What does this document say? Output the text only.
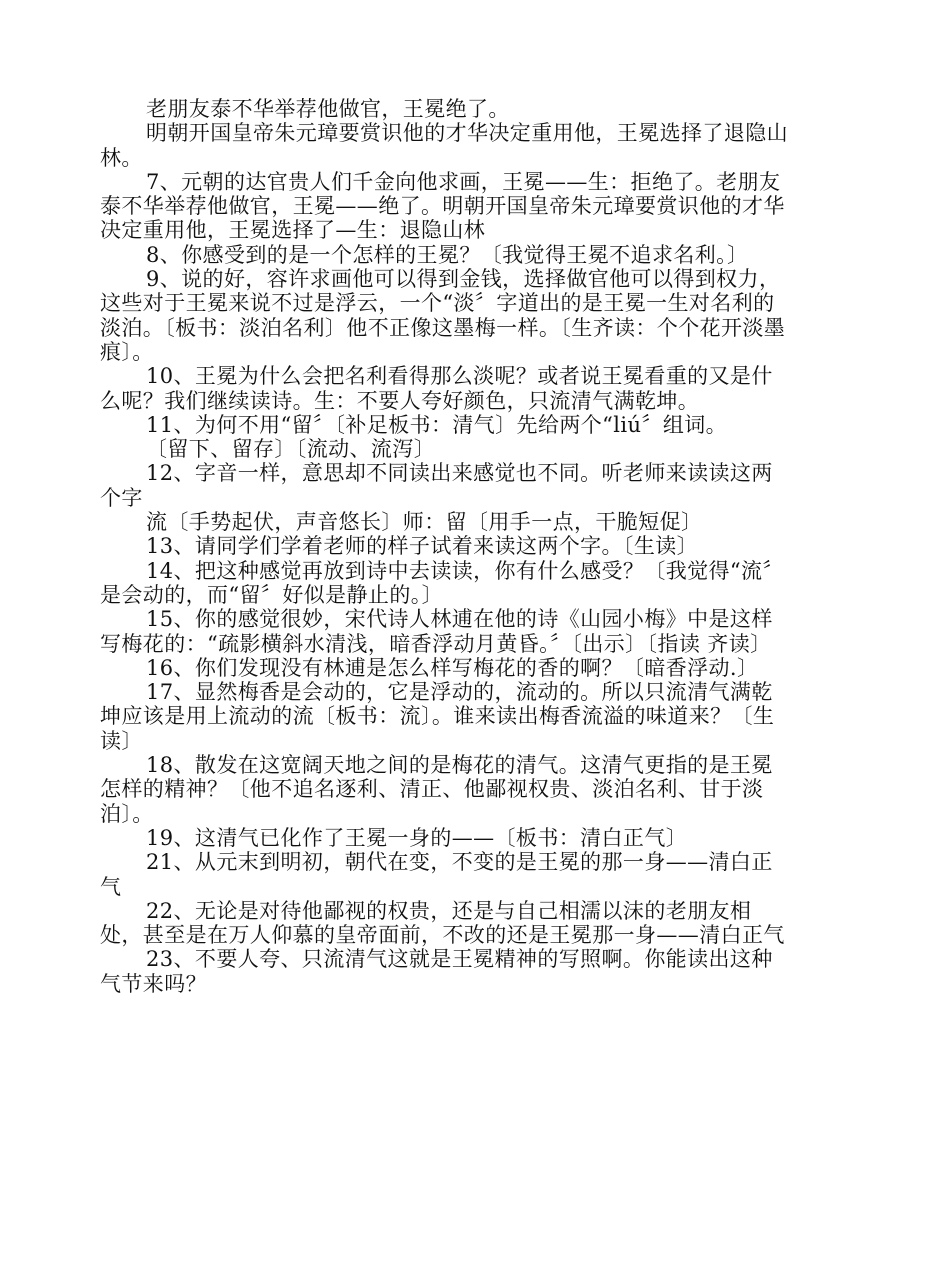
老朋友泰不华举荐他做官，王冕绝了。

明朝开国皇帝朱元璋要赏识他的才华决定重用他，王冕选择了退隐山林。

7、元朝的达官贵人们千金向他求画，王冕——生：拒绝了。老朋友泰不华举荐他做官，王冕——绝了。明朝开国皇帝朱元璋要赏识他的才华决定重用他，王冕选择了—生：退隐山林

8、你感受到的是一个怎样的王冕？〔我觉得王冕不追求名利。〕

9、说的好，容许求画他可以得到金钱，选择做官他可以得到权力，这些对于王冕来说不过是浮云，一个“淡〞字道出的是王冕一生对名利的淡泊。〔板书：淡泊名利〕他不正像这墨梅一样。〔生齐读：个个花开淡墨痕〕。

10、王冕为什么会把名利看得那么淡呢？或者说王冕看重的又是什么呢？我们继续读诗。生：不要人夸好颜色，只流清气满乾坤。

11、为何不用“留〞〔补足板书：清气〕先给两个“liú〞组词。

〔留下、留存〕〔流动、流泻〕

12、字音一样，意思却不同读出来感觉也不同。听老师来读读这两个字

流〔手势起伏，声音悠长〕师：留〔用手一点，干脆短促〕

13、请同学们学着老师的样子试着来读这两个字。〔生读〕

14、把这种感觉再放到诗中去读读，你有什么感受？〔我觉得“流〞是会动的，而“留〞好似是静止的。〕

15、你的感觉很妙，宋代诗人林逋在他的诗《山园小梅》中是这样写梅花的：“疏影横斜水清浅，暗香浮动月黄昏。〞〔出示〕〔指读 齐读〕

16、你们发现没有林逋是怎么样写梅花的香的啊？〔暗香浮动.〕

17、显然梅香是会动的，它是浮动的，流动的。所以只流清气满乾坤应该是用上流动的流〔板书：流〕。谁来读出梅香流溢的味道来？〔生读〕

18、散发在这宽阔天地之间的是梅花的清气。这清气更指的是王冕怎样的精神？〔他不追名逐利、清正、他鄙视权贵、淡泊名利、甘于淡泊〕。

19、这清气已化作了王冕一身的——〔板书：清白正气〕

21、从元末到明初，朝代在变，不变的是王冕的那一身——清白正气

22、无论是对待他鄙视的权贵，还是与自己相濡以沫的老朋友相处，甚至是在万人仰慕的皇帝面前，不改的还是王冕那一身——清白正气

23、不要人夸、只流清气这就是王冕精神的写照啊。你能读出这种气节来吗？
